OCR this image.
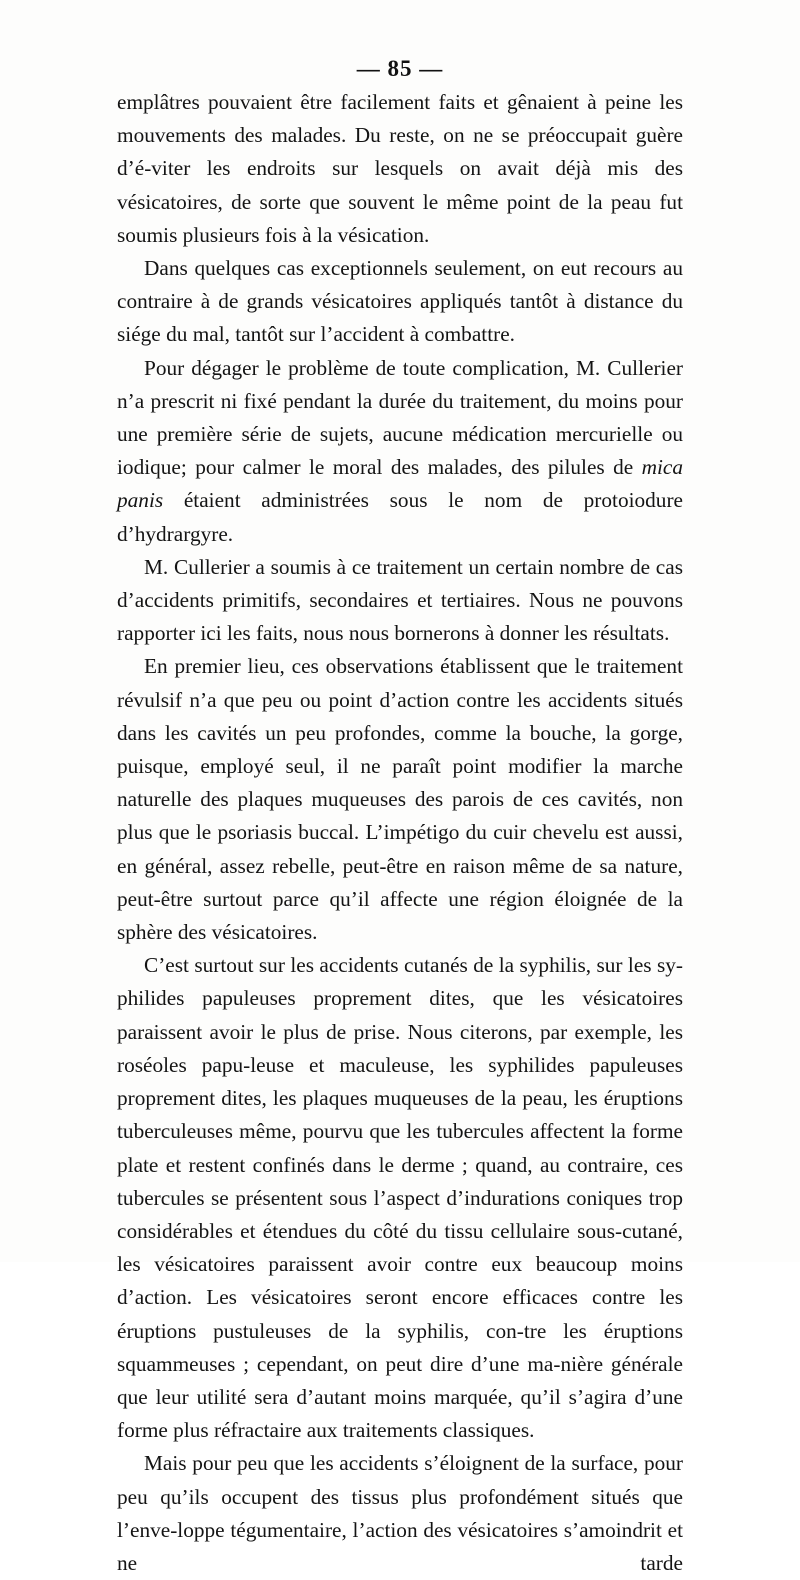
— 85 —

emplâtres pouvaient être facilement faits et gênaient à peine les mouvements des malades. Du reste, on ne se préoccupait guère d’é-viter les endroits sur lesquels on avait déjà mis des vésicatoires, de sorte que souvent le même point de la peau fut soumis plusieurs fois à la vésication.

Dans quelques cas exceptionnels seulement, on eut recours au contraire à de grands vésicatoires appliqués tantôt à distance du siége du mal, tantôt sur l’accident à combattre.

Pour dégager le problème de toute complication, M. Cullerier n’a prescrit ni fixé pendant la durée du traitement, du moins pour une première série de sujets, aucune médication mercurielle ou iodique; pour calmer le moral des malades, des pilules de mica panis étaient administrées sous le nom de protoiodure d’hydrargyre.

M. Cullerier a soumis à ce traitement un certain nombre de cas d’accidents primitifs, secondaires et tertiaires. Nous ne pouvons rapporter ici les faits, nous nous bornerons à donner les résultats.

En premier lieu, ces observations établissent que le traitement révulsif n’a que peu ou point d’action contre les accidents situés dans les cavités un peu profondes, comme la bouche, la gorge, puisque, employé seul, il ne paraît point modifier la marche naturelle des plaques muqueuses des parois de ces cavités, non plus que le psoriasis buccal. L’impétigo du cuir chevelu est aussi, en général, assez rebelle, peut-être en raison même de sa nature, peut-être surtout parce qu’il affecte une région éloignée de la sphère des vésicatoires.

C’est surtout sur les accidents cutanés de la syphilis, sur les sy-philides papuleuses proprement dites, que les vésicatoires paraissent avoir le plus de prise. Nous citerons, par exemple, les roséoles papu-leuse et maculeuse, les syphilides papuleuses proprement dites, les plaques muqueuses de la peau, les éruptions tuberculeuses même, pourvu que les tubercules affectent la forme plate et restent confinés dans le derme ; quand, au contraire, ces tubercules se présentent sous l’aspect d’indurations coniques trop considérables et étendues du côté du tissu cellulaire sous-cutané, les vésicatoires paraissent avoir contre eux beaucoup moins d’action. Les vésicatoires seront encore efficaces contre les éruptions pustuleuses de la syphilis, con-tre les éruptions squammeuses ; cependant, on peut dire d’une ma-nière générale que leur utilité sera d’autant moins marquée, qu’il s’agira d’une forme plus réfractaire aux traitements classiques.

Mais pour peu que les accidents s’éloignent de la surface, pour peu qu’ils occupent des tissus plus profondément situés que l’enve-loppe tégumentaire, l’action des vésicatoires s’amoindrit et ne tarde
